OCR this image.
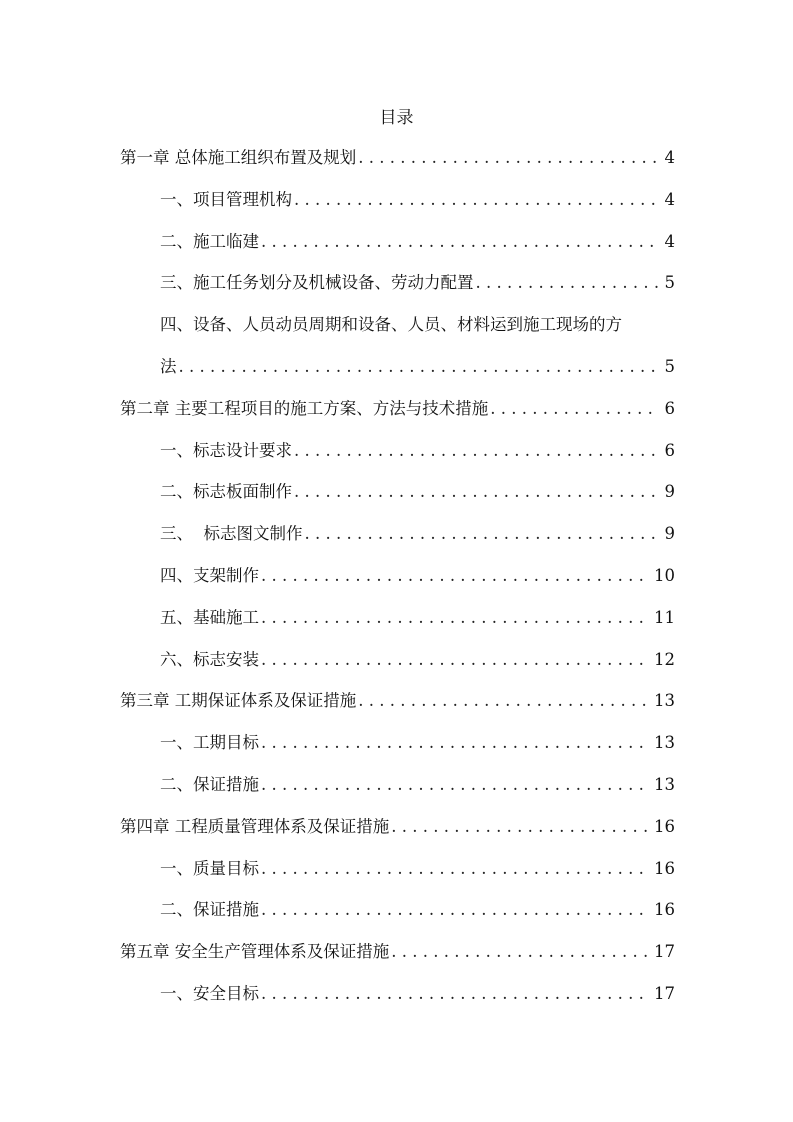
目录
第一章 总体施工组织布置及规划 . . .	4
一、项目管理机构 . . .	4
二、施工临建 . . .	4
三、施工任务划分及机械设备、劳动力配置 . . .	5
四、设备、人员动员周期和设备、人员、材料运到施工现场的方
法 . . .	5
第二章 主要工程项目的施工方案、方法与技术措施 . . .	6
一、标志设计要求 . . .	6
二、标志板面制作 . . .	9
三、  标志图文制作 . . .	9
四、支架制作 . . .	10
五、基础施工 . . .	11
六、标志安装 . . .	12
第三章 工期保证体系及保证措施 . . .	13
一、工期目标 . . .	13
二、保证措施 . . .	13
第四章 工程质量管理体系及保证措施 . . .	16
一、质量目标 . . .	16
二、保证措施 . . .	16
第五章 安全生产管理体系及保证措施 . . .	17
一、安全目标 . . .	17
